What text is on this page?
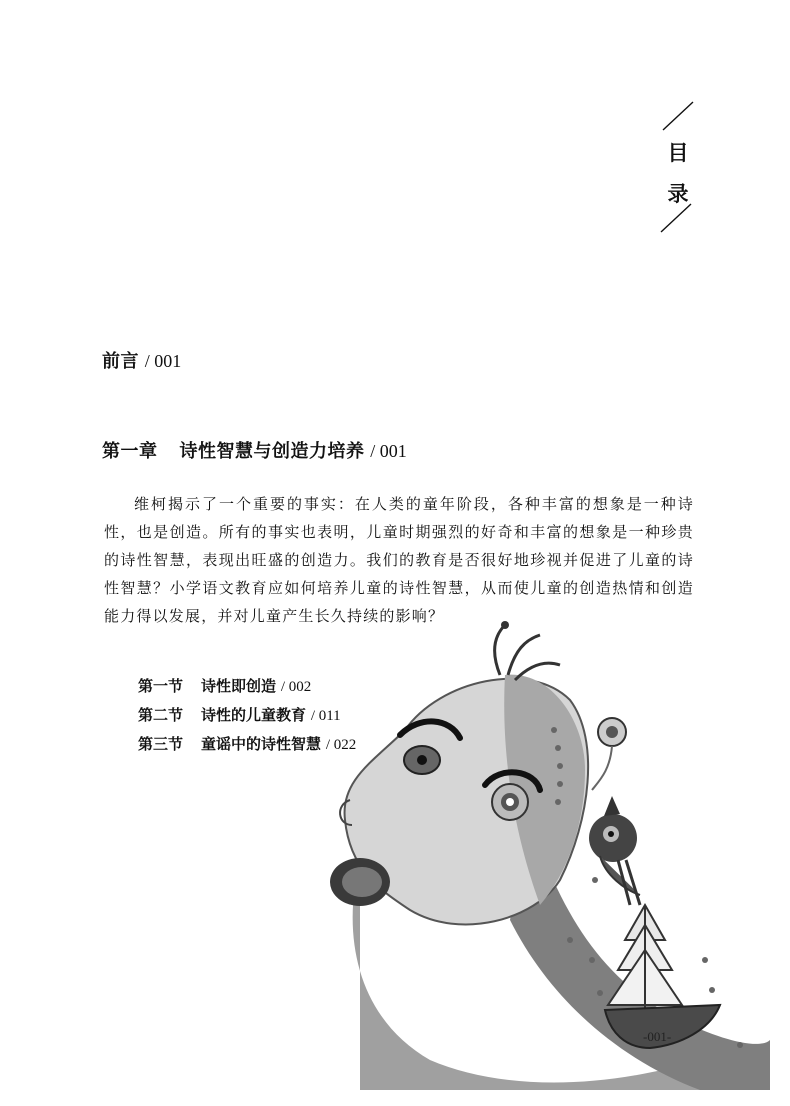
目
录
前言 / 001
第一章 诗性智慧与创造力培养 / 001

维柯揭示了一个重要的事实：在人类的童年阶段，各种丰富的想象是一种诗性，也是创造。所有的事实也表明，儿童时期强烈的好奇和丰富的想象是一种珍贵的诗性智慧，表现出旺盛的创造力。我们的教育是否很好地珍视并促进了儿童的诗性智慧？小学语文教育应如何培养儿童的诗性智慧，从而使儿童的创造热情和创造能力得以发展，并对儿童产生长久持续的影响？

第一节 诗性即创造 / 002
第二节 诗性的儿童教育 / 011
第三节 童谣中的诗性智慧 / 022
-001-
